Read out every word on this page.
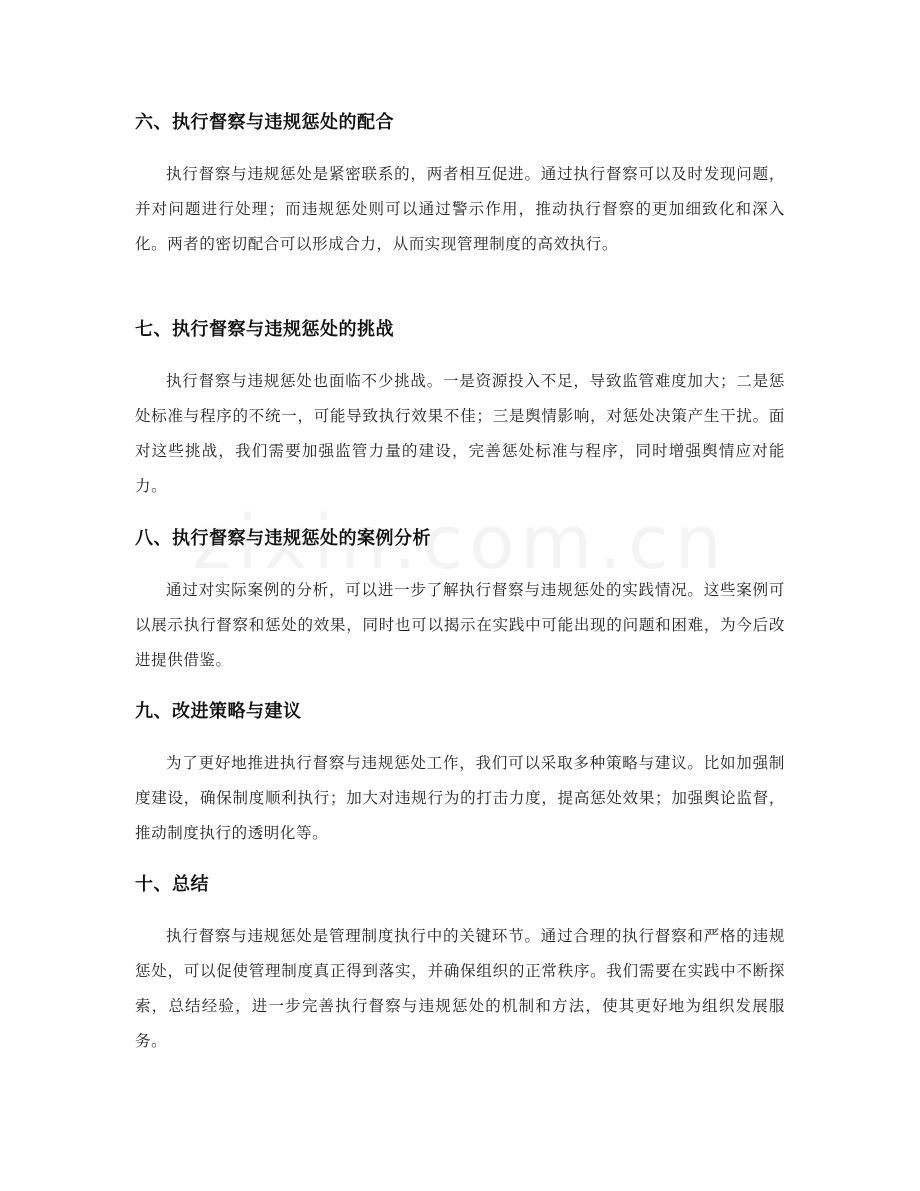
六、执行督察与违规惩处的配合

执行督察与违规惩处是紧密联系的，两者相互促进。通过执行督察可以及时发现问题，并对问题进行处理；而违规惩处则可以通过警示作用，推动执行督察的更加细致化和深入化。两者的密切配合可以形成合力，从而实现管理制度的高效执行。

七、执行督察与违规惩处的挑战

执行督察与违规惩处也面临不少挑战。一是资源投入不足，导致监管难度加大；二是惩处标准与程序的不统一，可能导致执行效果不佳；三是舆情影响，对惩处决策产生干扰。面对这些挑战，我们需要加强监管力量的建设，完善惩处标准与程序，同时增强舆情应对能力。

八、执行督察与违规惩处的案例分析

通过对实际案例的分析，可以进一步了解执行督察与违规惩处的实践情况。这些案例可以展示执行督察和惩处的效果，同时也可以揭示在实践中可能出现的问题和困难，为今后改进提供借鉴。

九、改进策略与建议

为了更好地推进执行督察与违规惩处工作，我们可以采取多种策略与建议。比如加强制度建设，确保制度顺利执行；加大对违规行为的打击力度，提高惩处效果；加强舆论监督，推动制度执行的透明化等。

十、总结

执行督察与违规惩处是管理制度执行中的关键环节。通过合理的执行督察和严格的违规惩处，可以促使管理制度真正得到落实，并确保组织的正常秩序。我们需要在实践中不断探索，总结经验，进一步完善执行督察与违规惩处的机制和方法，使其更好地为组织发展服务。
